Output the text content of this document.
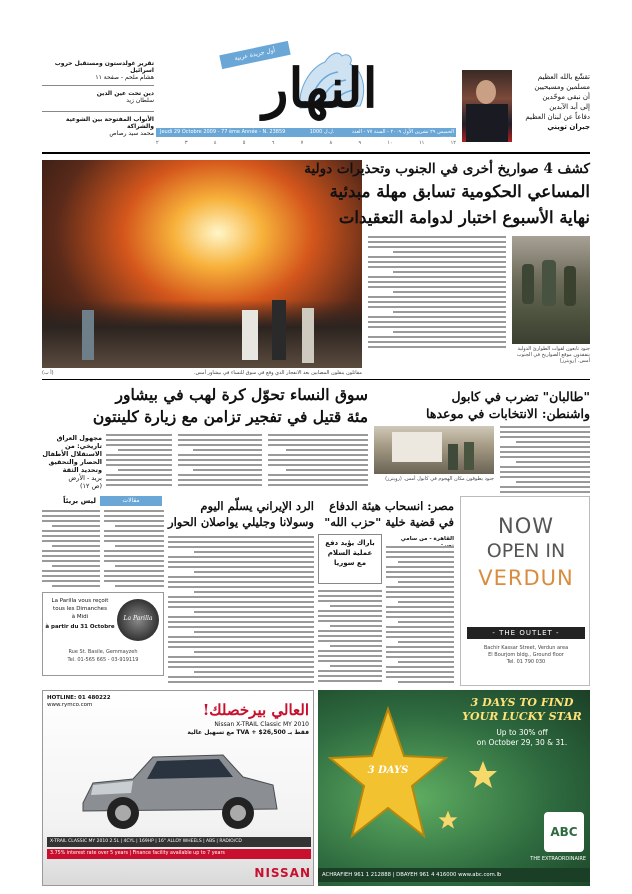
تقرير غولدستون ومستقبل حروب اسرائيل
هشام ملحم - صفحة ١١
دين تحت عين الدين
سلطان زيد
الأنواب المفتوحة بين الشوعية والشراكة
محمد سيد رصاص
النهار
أول جريدة عربية
تقشّع بالله العظيم
مسلمين ومسيحيين
أن نبقى موحّدين
إلى أبد الآبدين
دفاعاً عن لبنان العظيم
جبران تويني
Jeudi 29 Octobre 2009 - 77 ème Année - N. 23859	1000 ل.ل.	الخميس ٢٩ تشرين الأول ٢٠٠٩ - السنة ٧٧ - العدد ٢٣٨٥٩
٢	٣	٤	٥	٦	٧	٨	٩	١٠	١١	١٢
مقاتلون ينقلون المصابين بعد الانفجار الذي وقع في سوق للنساء في بيشاور أمس.
(أ ب)
كشف 4 صواريخ أخرى في الجنوب وتحذيرات دولية
المساعي الحكومية تسابق مهلة مبدئية
نهاية الأسبوع اختبار لدوامة التعقيدات
جنود تابعون لقوات الطوارئ الدولية يتفقدون موقع الصواريخ في الجنوب أمس. (رويترز)
سوق النساء تحوّل كرة لهب في بيشاور
مئة قتيل في تفجير تزامن مع زيارة كلينتون
مجهول العراق
تاريخي: من
الاستقلال الأطفال
الحصار والتحقيق
وتحديد الثقة
بريد - الأرض
(ص ١٢)
"طالبان" تضرب في كابول
واشنطن: الانتخابات في موعدها
جنود يطوقون مكان الهجوم في كابول أمس. (رويترز)
مقالات
ليس بريئاً
La Parilla vous reçoit
tous les Dimanches
à Midi
à partir du 31 Octobre
La Parilla
Rue St. Basile, Gemmayzeh
Tel. 01-565 665 - 03-919119
الرد الإيراني يسلّم اليوم
وسولانا وجليلي يواصلان الحوار
مصر: انسحاب هيئة الدفاع
في قضية خلية "حزب الله"
باراك يؤيد دفع
عملية السلام
مع سوريا
القاهرة - من سامي
NOW
OPEN IN
VERDUN
- THE OUTLET -
Bachir Kassar Street, Verdun area
El Bourjom bldg., Ground floor
Tel. 01 790 030
HOTLINE: 01 480222
www.rymco.com	العالي بيرخصلك!
Nissan X-TRAIL Classic MY 2010
فقط بـ 26,500$ + TVA مع تسهيل عالية
X-TRAIL CLASSIC MY 2010 2.5L | 4CYL | 169HP | 16" ALLOY WHEELS | ABS | RADIO/CD
3.75% interest rate over 5 years | Finance facility available up to 7 years
NISSAN
3 DAYS TO FIND
YOUR LUCKY STAR
Up to 30% off
on October 29, 30 & 31.
3 DAYS
ABC
THE EXTRAORDINAIRE
ACHRAFIEH 961 1 212888 | DBAYEH 961 4 416000 www.abc.com.lb
